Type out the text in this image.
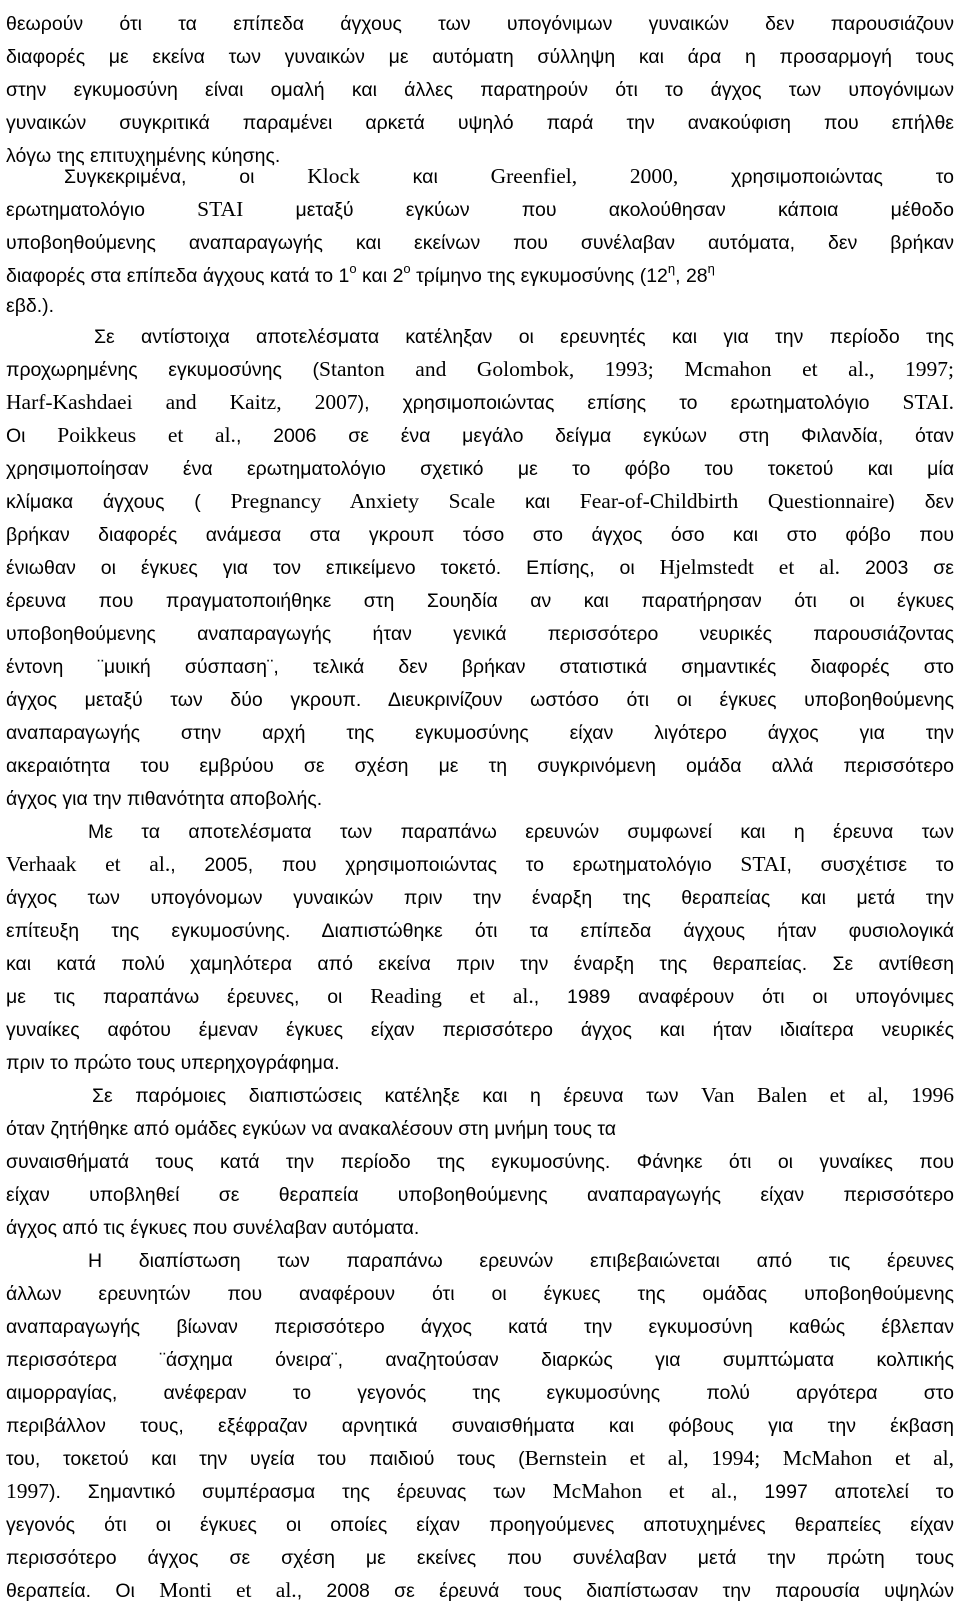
θεωρούν ότι τα επίπεδα άγχους των υπογόνιμων γυναικών δεν παρουσιάζουν
διαφορές με εκείνα των γυναικών με αυτόματη σύλληψη και άρα η προσαρμογή τους
στην εγκυμοσύνη είναι ομαλή και άλλες παρατηρούν ότι το άγχος των υπογόνιμων
γυναικών συγκριτικά παραμένει αρκετά υψηλό παρά την ανακούφιση που επήλθε
λόγω της επιτυχημένης κύησης.
Συγκεκριμένα, οι Klock και Greenfiel, 2000, χρησιμοποιώντας το
ερωτηματολόγιο STAI μεταξύ εγκύων που ακολούθησαν κάποια μέθοδο
υποβοηθούμενης αναπαραγωγής και εκείνων που συνέλαβαν αυτόματα, δεν βρήκαν
διαφορές στα επίπεδα άγχους κατά το $1^o$ και $2^o$ τρίμηνο της εγκυμοσύνης ($12^\eta$, $28^\eta$
εβδ.).
Σε αντίστοιχα αποτελέσματα κατέληξαν οι ερευνητές και για την περίοδο της
προχωρημένης εγκυμοσύνης (Stanton and Golombok, 1993; Mcmahon et al., 1997;
Harf-Kashdaei and Kaitz, 2007), χρησιμοποιώντας επίσης το ερωτηματολόγιο STAI.
Οι Poikkeus et al., 2006 σε ένα μεγάλο δείγμα εγκύων στη Φιλανδία, όταν
χρησιμοποίησαν ένα ερωτηματολόγιο σχετικό με το φόβο του τοκετού και μία
κλίμακα άγχους ( Pregnancy Anxiety Scale και Fear-of-Childbirth Questionnaire) δεν
βρήκαν διαφορές ανάμεσα στα γκρουπ τόσο στο άγχος όσο και στο φόβο που
ένιωθαν οι έγκυες για τον επικείμενο τοκετό. Επίσης, οι Hjelmstedt et al. 2003 σε
έρευνα που πραγματοποιήθηκε στη Σουηδία αν και παρατήρησαν ότι οι έγκυες
υποβοηθούμενης αναπαραγωγής ήταν γενικά περισσότερο νευρικές παρουσιάζοντας
έντονη ¨μυική σύσπαση¨, τελικά δεν βρήκαν στατιστικά σημαντικές διαφορές στο
άγχος μεταξύ των δύο γκρουπ. Διευκρινίζουν ωστόσο ότι οι έγκυες υποβοηθούμενης
αναπαραγωγής στην αρχή της εγκυμοσύνης είχαν λιγότερο άγχος για την
ακεραιότητα του εμβρύου σε σχέση με τη συγκρινόμενη ομάδα αλλά περισσότερο
άγχος για την πιθανότητα αποβολής.
Με τα αποτελέσματα των παραπάνω ερευνών συμφωνεί και η έρευνα των
Verhaak et al., 2005, που χρησιμοποιώντας το ερωτηματολόγιο STAI, συσχέτισε το
άγχος των υπογόνομων γυναικών πριν την έναρξη της θεραπείας και μετά την
επίτευξη της εγκυμοσύνης. Διαπιστώθηκε ότι τα επίπεδα άγχους ήταν φυσιολογικά
και κατά πολύ χαμηλότερα από εκείνα πριν την έναρξη της θεραπείας. Σε αντίθεση
με τις παραπάνω έρευνες, οι Reading et al., 1989 αναφέρουν ότι οι υπογόνιμες
γυναίκες αφότου έμεναν έγκυες είχαν περισσότερο άγχος και ήταν ιδιαίτερα νευρικές
πριν το πρώτο τους υπερηχογράφημα.
Σε παρόμοιες διαπιστώσεις κατέληξε και η έρευνα των Van Balen et al, 1996
όταν ζητήθηκε από ομάδες εγκύων να ανακαλέσουν στη μνήμη τους τα
συναισθήματά τους κατά την περίοδο της εγκυμοσύνης. Φάνηκε ότι οι γυναίκες που
είχαν υποβληθεί σε θεραπεία υποβοηθούμενης αναπαραγωγής είχαν περισσότερο
άγχος από τις έγκυες που συνέλαβαν αυτόματα.
Η διαπίστωση των παραπάνω ερευνών επιβεβαιώνεται από τις έρευνες
άλλων ερευνητών που αναφέρουν ότι οι έγκυες της ομάδας υποβοηθούμενης
αναπαραγωγής βίωναν περισσότερο άγχος κατά την εγκυμοσύνη καθώς έβλεπαν
περισσότερα ¨άσχημα όνειρα¨, αναζητούσαν διαρκώς για συμπτώματα κολπικής
αιμορραγίας, ανέφεραν το γεγονός της εγκυμοσύνης πολύ αργότερα στο
περιβάλλον τους, εξέφραζαν αρνητικά συναισθήματα και φόβους για την έκβαση
του, τοκετού και την υγεία του παιδιού τους (Bernstein et al, 1994; McMahon et al,
1997). Σημαντικό συμπέρασμα της έρευνας των McMahon et al., 1997 αποτελεί το
γεγονός ότι οι έγκυες οι οποίες είχαν προηγούμενες αποτυχημένες θεραπείες είχαν
περισσότερο άγχος σε σχέση με εκείνες που συνέλαβαν μετά την πρώτη τους
θεραπεία. Οι Monti et al., 2008 σε έρευνά τους διαπίστωσαν την παρουσία υψηλών
